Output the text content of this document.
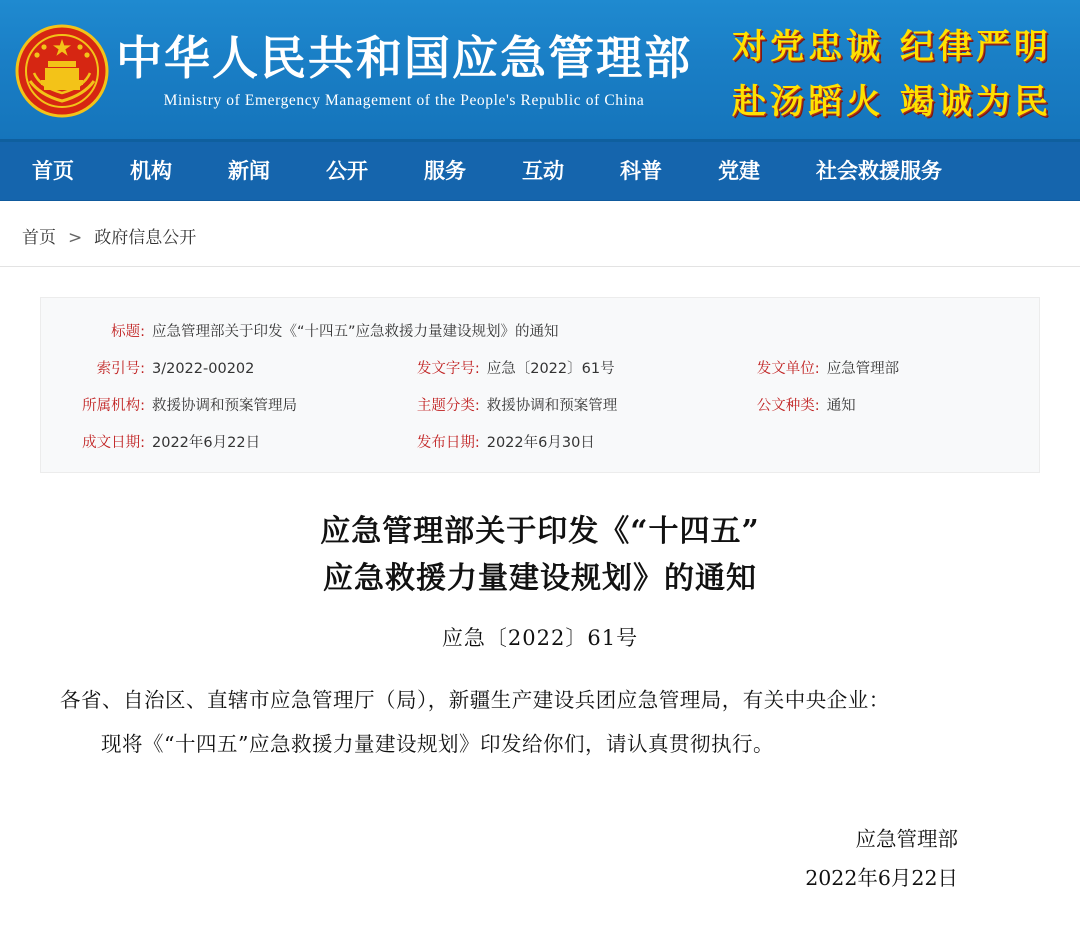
中华人民共和国应急管理部
Ministry of Emergency Management of the People's Republic of China
对党忠诚 纪律严明
赴汤蹈火 竭诚为民
首页	机构	新闻	公开	服务	互动	科普	党建	社会救援服务
首页 > 政府信息公开
标题: 应急管理部关于印发《“十四五”应急救援力量建设规划》的通知
索引号: 3/2022-00202	发文字号: 应急〔2022〕61号	发文单位: 应急管理部
所属机构: 救援协调和预案管理局	主题分类: 救援协调和预案管理	公文种类: 通知
成文日期: 2022年6月22日	发布日期: 2022年6月30日
应急管理部关于印发《“十四五”
应急救援力量建设规划》的通知
应急〔2022〕61号
各省、自治区、直辖市应急管理厅（局），新疆生产建设兵团应急管理局，有关中央企业：
现将《“十四五”应急救援力量建设规划》印发给你们，请认真贯彻执行。
应急管理部
2022年6月22日
